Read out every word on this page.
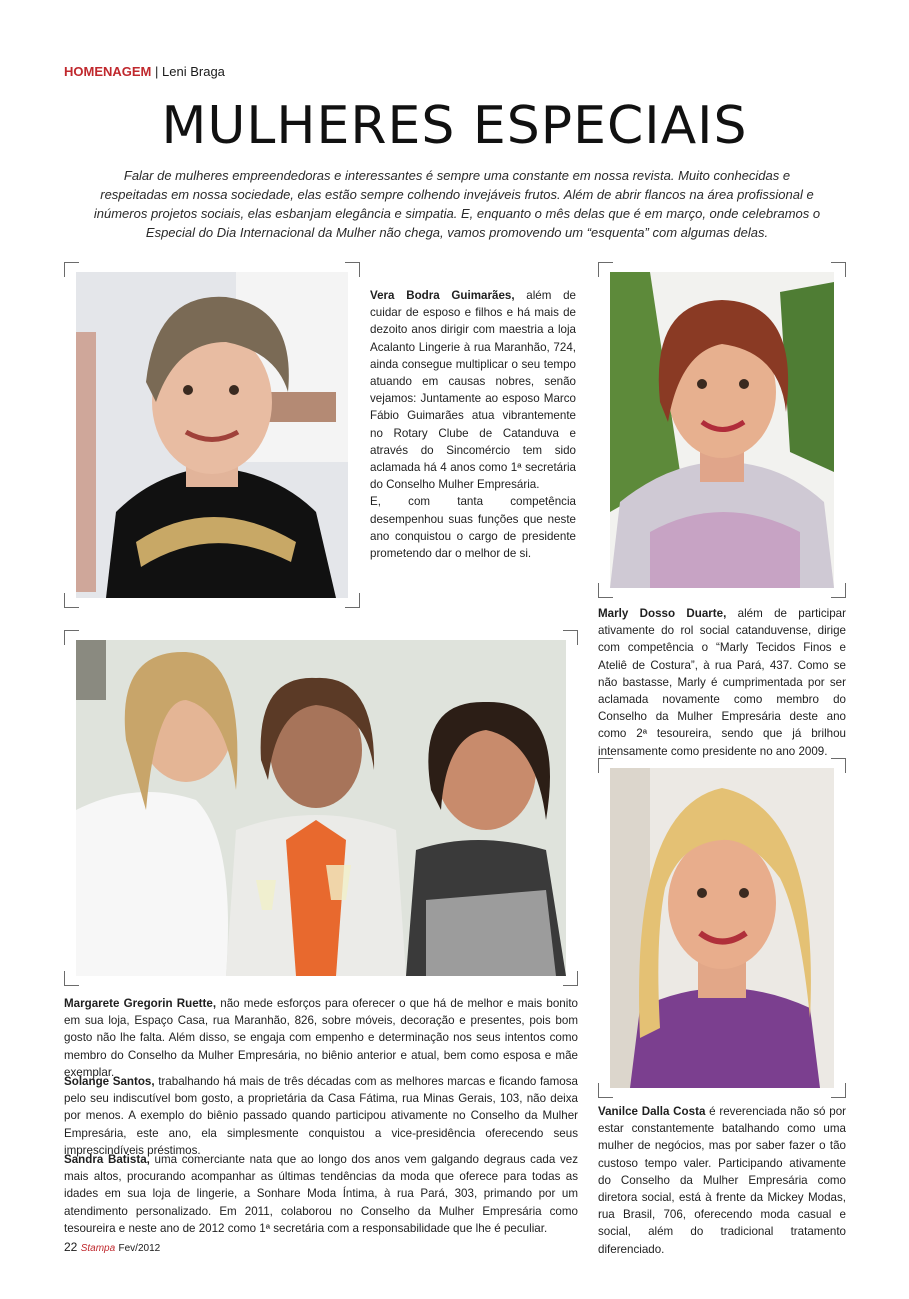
HOMENAGEM | Leni Braga
MULHERES ESPECIAIS
Falar de mulheres empreendedoras e interessantes é sempre uma constante em nossa revista. Muito conhecidas e respeitadas em nossa sociedade, elas estão sempre colhendo invejáveis frutos. Além de abrir flancos na área profissional e inúmeros projetos sociais, elas esbanjam elegância e simpatia. E, enquanto o mês delas que é em março, onde celebramos o Especial do Dia Internacional da Mulher não chega, vamos promovendo um “esquenta” com algumas delas.
Vera Bodra Guimarães, além de cuidar de esposo e filhos e há mais de dezoito anos dirigir com maestria a loja Acalanto Lingerie à rua Maranhão, 724, ainda consegue multiplicar o seu tempo atuando em causas nobres, senão vejamos: Juntamente ao esposo Marco Fábio Guimarães atua vibrantemente no Rotary Clube de Catanduva e através do Sincomércio tem sido aclamada há 4 anos como 1ª secretária do Conselho Mulher Empresária.
E, com tanta competência desempenhou suas funções que neste ano conquistou o cargo de presidente prometendo dar o melhor de si.
Marly Dosso Duarte, além de participar ativamente do rol social catanduvense, dirige com competência o “Marly Tecidos Finos e Ateliê de Costura”, à rua Pará, 437. Como se não bastasse, Marly é cumprimentada por ser aclamada novamente como membro do Conselho da Mulher Empresária deste ano como 2ª tesoureira, sendo que já brilhou intensamente como presidente no ano 2009.
Margarete Gregorin Ruette, não mede esforços para oferecer o que há de melhor e mais bonito em sua loja, Espaço Casa, rua Maranhão, 826, sobre móveis, decoração e presentes, pois bom gosto não lhe falta. Além disso, se engaja com empenho e determinação nos seus intentos como membro do Conselho da Mulher Empresária, no biênio anterior e atual, bem como esposa e mãe exemplar.
Solange Santos, trabalhando há mais de três décadas com as melhores marcas e ficando famosa pelo seu indiscutível bom gosto, a proprietária da Casa Fátima, rua Minas Gerais, 103, não deixa por menos. A exemplo do biênio passado quando participou ativamente no Conselho da Mulher Empresária, este ano, ela simplesmente conquistou a vice-presidência oferecendo seus imprescindíveis préstimos.
Sandra Batista, uma comerciante nata que ao longo dos anos vem galgando degraus cada vez mais altos, procurando acompanhar as últimas tendências da moda que oferece para todas as idades em sua loja de lingerie, a Sonhare Moda Íntima, à rua Pará, 303, primando por um atendimento personalizado. Em 2011, colaborou no Conselho da Mulher Empresária como tesoureira e neste ano de 2012 como 1ª secretária com a responsabilidade que lhe é peculiar.
Vanilce Dalla Costa é reverenciada não só por estar constantemente batalhando como uma mulher de negócios, mas por saber fazer o tão custoso tempo valer. Participando ativamente do Conselho da Mulher Empresária como diretora social, está à frente da Mickey Modas, rua Brasil, 706, oferecendo moda casual e social, além do tradicional tratamento diferenciado.
22 Stampa Fev/2012
